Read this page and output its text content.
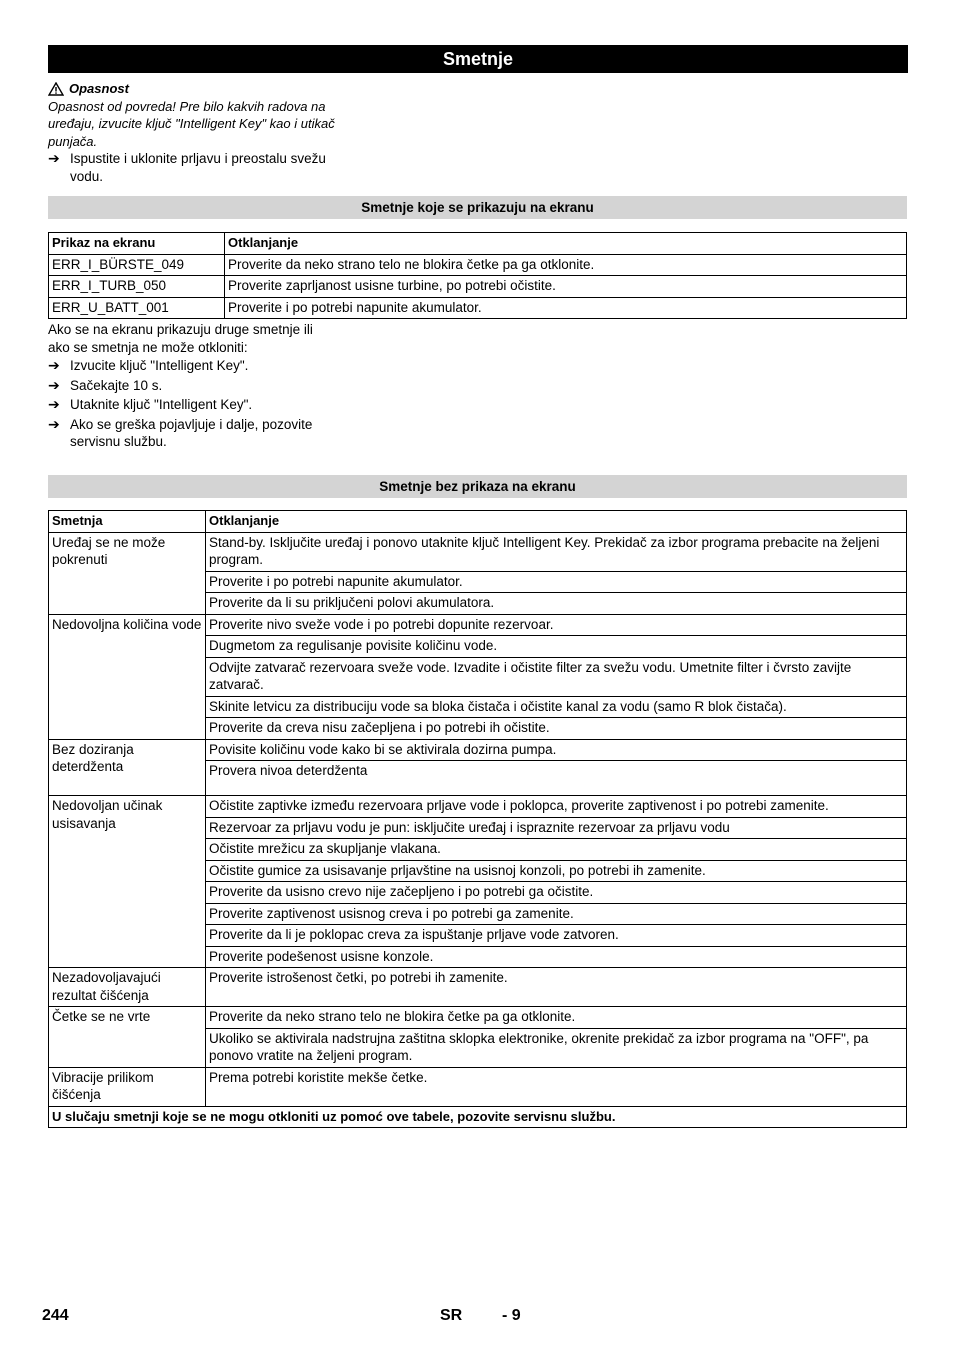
Smetnje
Opasnost
Opasnost od povreda! Pre bilo kakvih radova na uređaju, izvucite ključ "Intelligent Key" kao i utikač punjača.
➔ Ispustite i uklonite prljavu i preostalu svežu vodu.
Smetnje koje se prikazuju na ekranu
Prikaz na ekranu	Otklanjanje
ERR_I_BÜRSTE_049	Proverite da neko strano telo ne blokira četke pa ga otklonite.
ERR_I_TURB_050	Proverite zaprljanost usisne turbine, po potrebi očistite.
ERR_U_BATT_001	Proverite i po potrebi napunite akumulator.
Ako se na ekranu prikazuju druge smetnje ili ako se smetnja ne može otkloniti:
➔ Izvucite ključ "Intelligent Key".
➔ Sačekajte 10 s.
➔ Utaknite ključ "Intelligent Key".
➔ Ako se greška pojavljuje i dalje, pozovite servisnu službu.
Smetnje bez prikaza na ekranu
Smetnja	Otklanjanje
Uređaj se ne može pokrenuti	Stand-by. Isključite uređaj i ponovo utaknite ključ Intelligent Key. Prekidač za izbor programa prebacite na željeni program.
	Proverite i po potrebi napunite akumulator.
	Proverite da li su priključeni polovi akumulatora.
Nedovoljna količina vode	Proverite nivo sveže vode i po potrebi dopunite rezervoar.
	Dugmetom za regulisanje povisite količinu vode.
	Odvijte zatvarač rezervoara sveže vode. Izvadite i očistite filter za svežu vodu. Umetnite filter i čvrsto zavijte zatvarač.
	Skinite letvicu za distribuciju vode sa bloka čistača i očistite kanal za vodu (samo R blok čistača).
	Proverite da creva nisu začepljena i po potrebi ih očistite.
Bez doziranja deterdženta	Povisite količinu vode kako bi se aktivirala dozirna pumpa.
	Provera nivoa deterdženta
Nedovoljan učinak usisavanja	Očistite zaptivke između rezervoara prljave vode i poklopca, proverite zaptivenost i po potrebi zamenite.
	Rezervoar za prljavu vodu je pun: isključite uređaj i ispraznite rezervoar za prljavu vodu
	Očistite mrežicu za skupljanje vlakana.
	Očistite gumice za usisavanje prljavštine na usisnoj konzoli, po potrebi ih zamenite.
	Proverite da usisno crevo nije začepljeno i po potrebi ga očistite.
	Proverite zaptivenost usisnog creva i po potrebi ga zamenite.
	Proverite da li je poklopac creva za ispuštanje prljave vode zatvoren.
	Proverite podešenost usisne konzole.
Nezadovoljavajući rezultat čišćenja	Proverite istrošenost četki, po potrebi ih zamenite.
Četke se ne vrte	Proverite da neko strano telo ne blokira četke pa ga otklonite.
	Ukoliko se aktivirala nadstrujna zaštitna sklopka elektronike, okrenite prekidač za izbor programa na "OFF", pa ponovo vratite na željeni program.
Vibracije prilikom čišćenja	Prema potrebi koristite mekše četke.
U slučaju smetnji koje se ne mogu otkloniti uz pomoć ove tabele, pozovite servisnu službu.	
244	SR - 9
